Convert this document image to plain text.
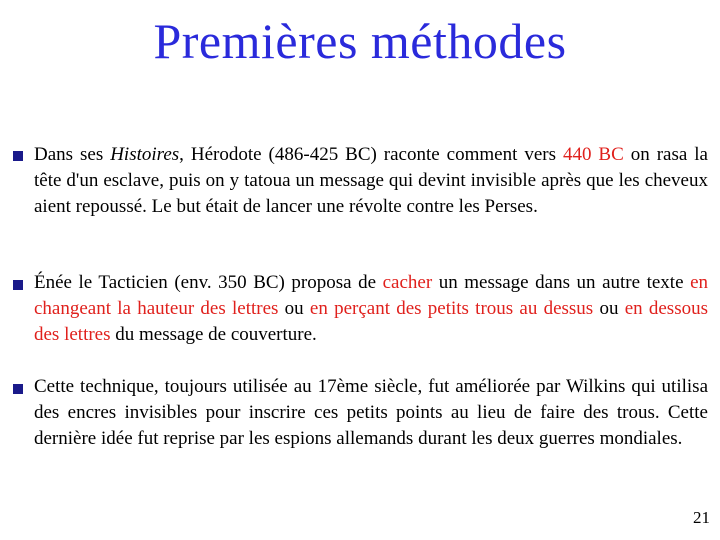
Premières méthodes
Dans ses Histoires, Hérodote (486-425 BC) raconte comment vers 440 BC on rasa la tête d'un esclave, puis on y tatoua un message qui devint invisible après que les cheveux aient repoussé. Le but était de lancer une révolte contre les Perses.
Énée le Tacticien (env. 350 BC) proposa de cacher un message dans un autre texte en changeant la hauteur des lettres ou en perçant des petits trous au dessus ou en dessous des lettres du message de couverture.
Cette technique, toujours utilisée au 17ème siècle, fut améliorée par Wilkins qui utilisa des encres invisibles pour inscrire ces petits points au lieu de faire des trous. Cette dernière idée fut reprise par les espions allemands durant les deux guerres mondiales.
21
